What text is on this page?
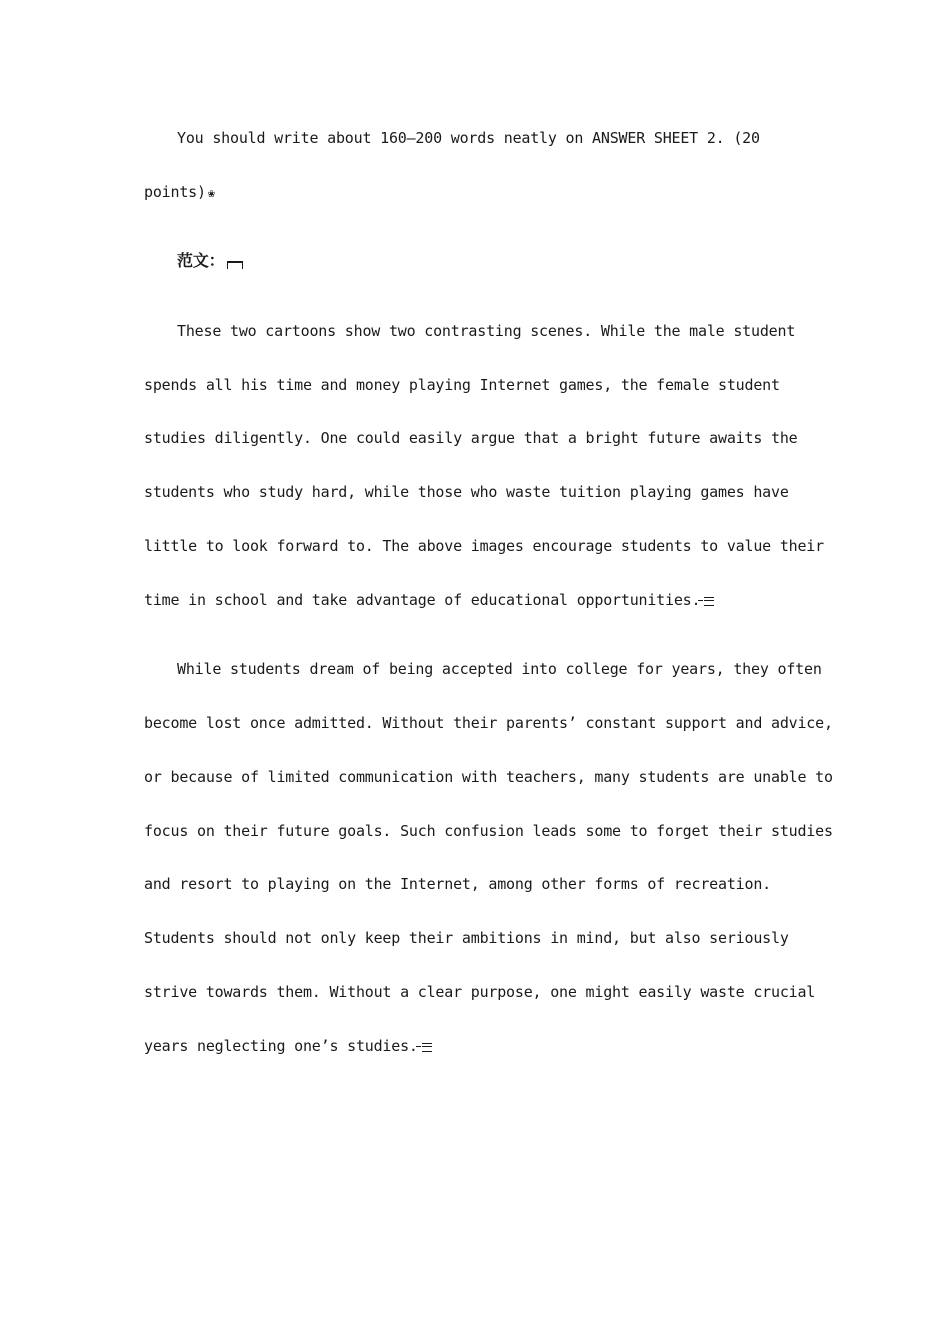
You should write about 160—200 words neatly on ANSWER SHEET 2. (20
points) ❀
范文：
These two cartoons show two contrasting scenes. While the male student
spends all his time and money playing Internet games, the female student
studies diligently. One could easily argue that a bright future awaits the
students who study hard, while those who waste tuition playing games have
little to look forward to. The above images encourage students to value their
time in school and take advantage of educational opportunities.
While students dream of being accepted into college for years, they often
become lost once admitted. Without their parents’ constant support and advice,
or because of limited communication with teachers, many students are unable to
focus on their future goals. Such confusion leads some to forget their studies
and resort to playing on the Internet, among other forms of recreation.
Students should not only keep their ambitions in mind, but also seriously
strive towards them. Without a clear purpose, one might easily waste crucial
years neglecting one’s studies.
